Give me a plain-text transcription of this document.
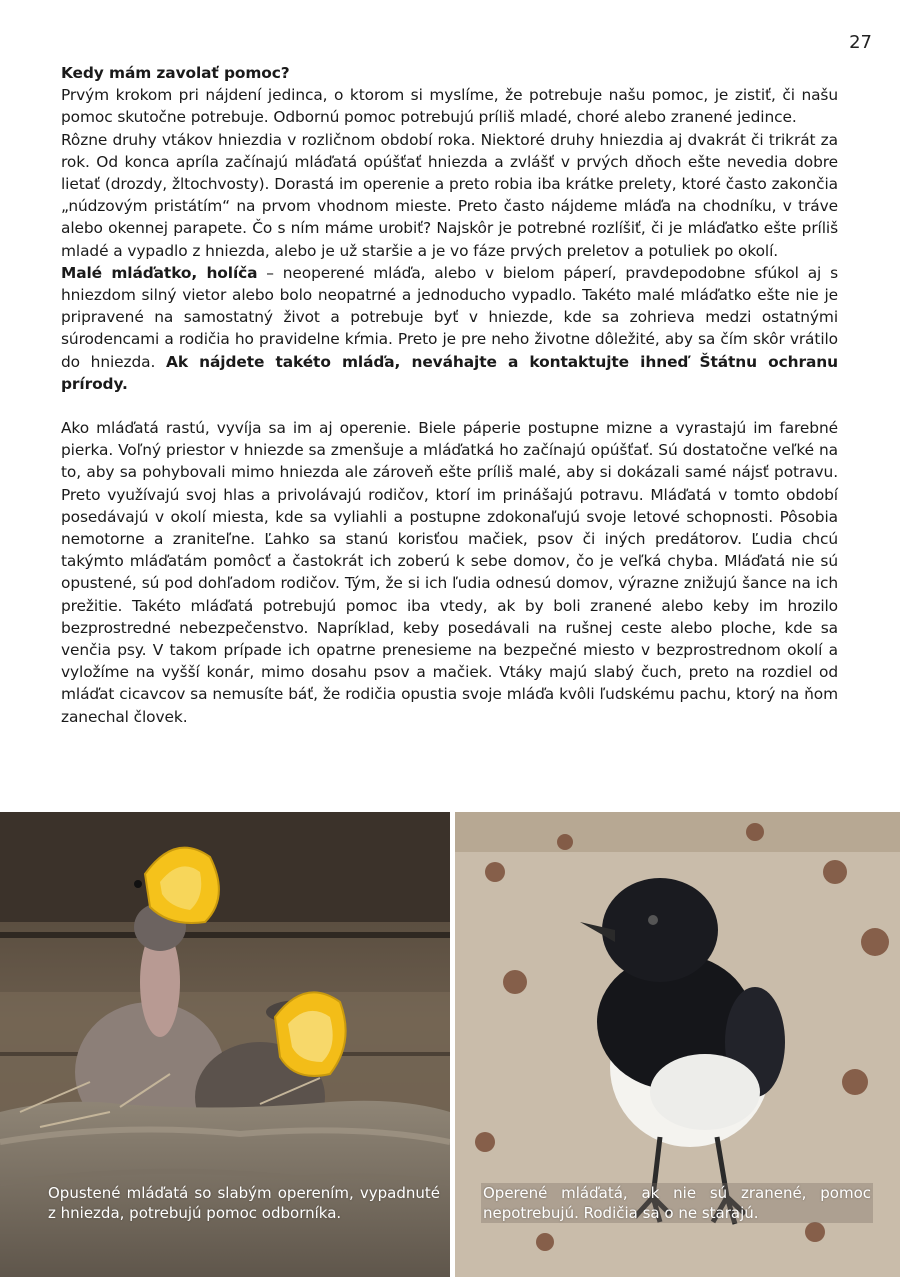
27

Kedy mám zavolať pomoc?

Prvým krokom pri nájdení jedinca, o ktorom si myslíme, že potrebuje našu pomoc, je zistiť, či našu pomoc skutočne potrebuje. Odbornú pomoc potrebujú príliš mladé, choré alebo zranené jedince.

Rôzne druhy vtákov hniezdia v rozličnom období roka. Niektoré druhy hniezdia aj dvakrát či trikrát za rok. Od konca apríla začínajú mláďatá opúšťať hniezda a zvlášť v prvých dňoch ešte nevedia dobre lietať (drozdy, žltochvosty). Dorastá im operenie a preto robia iba krátke prelety, ktoré často zakončia „núdzovým pristátím“ na prvom vhodnom mieste. Preto často nájdeme mláďa na chodníku, v tráve alebo okennej parapete. Čo s ním máme urobiť? Najskôr je potrebné rozlíšiť, či je mláďatko ešte príliš mladé a vypadlo z hniezda, alebo je už staršie a je vo fáze prvých preletov a potuliek po okolí.

Malé mláďatko, holíča – neoperené mláďa, alebo v bielom páperí, pravdepodobne sfúkol aj s hniezdom silný vietor alebo bolo neopatrné a jednoducho vypadlo. Takéto malé mláďatko ešte nie je pripravené na samostatný život a potrebuje byť v hniezde, kde sa zohrieva medzi ostatnými súrodencami a rodičia ho pravidelne kŕmia. Preto je pre neho životne dôležité, aby sa čím skôr vrátilo do hniezda. Ak nájdete takéto mláďa, neváhajte a kontaktujte ihneď Štátnu ochranu prírody.

Ako mláďatá rastú, vyvíja sa im aj operenie. Biele páperie postupne mizne a vyrastajú im farebné pierka. Voľný priestor v hniezde sa zmenšuje a mláďatká ho začínajú opúšťať. Sú dostatočne veľké na to, aby sa pohybovali mimo hniezda ale zároveň ešte príliš malé, aby si dokázali samé nájsť potravu. Preto využívajú svoj hlas a privolávajú rodičov, ktorí im prinášajú potravu. Mláďatá v tomto období posedávajú v okolí miesta, kde sa vyliahli a postupne zdokonaľujú svoje letové schopnosti. Pôsobia nemotorne a zraniteľne. Ľahko sa stanú korisťou mačiek, psov či iných predátorov. Ľudia chcú takýmto mláďatám pomôcť a častokrát ich zoberú k sebe domov, čo je veľká chyba. Mláďatá nie sú opustené, sú pod dohľadom rodičov. Tým, že si ich ľudia odnesú domov, výrazne znižujú šance na ich prežitie. Takéto mláďatá potrebujú pomoc iba vtedy, ak by boli zranené alebo keby im hrozilo bezprostredné nebezpečenstvo. Napríklad, keby posedávali na rušnej ceste alebo ploche, kde sa venčia psy. V takom prípade ich opatrne prenesieme na bezpečné miesto v bezprostrednom okolí a vyložíme na vyšší konár, mimo dosahu psov a mačiek. Vtáky majú slabý čuch, preto na rozdiel od mláďat cicavcov sa nemusíte báť, že rodičia opustia svoje mláďa kvôli ľudskému pachu, ktorý na ňom zanechal človek.

Opustené mláďatá so slabým operením, vypadnuté z hniezda, potrebujú pomoc odborníka.
Operené mláďatá, ak nie sú zranené, pomoc nepotrebujú. Rodičia sa o ne starajú.
